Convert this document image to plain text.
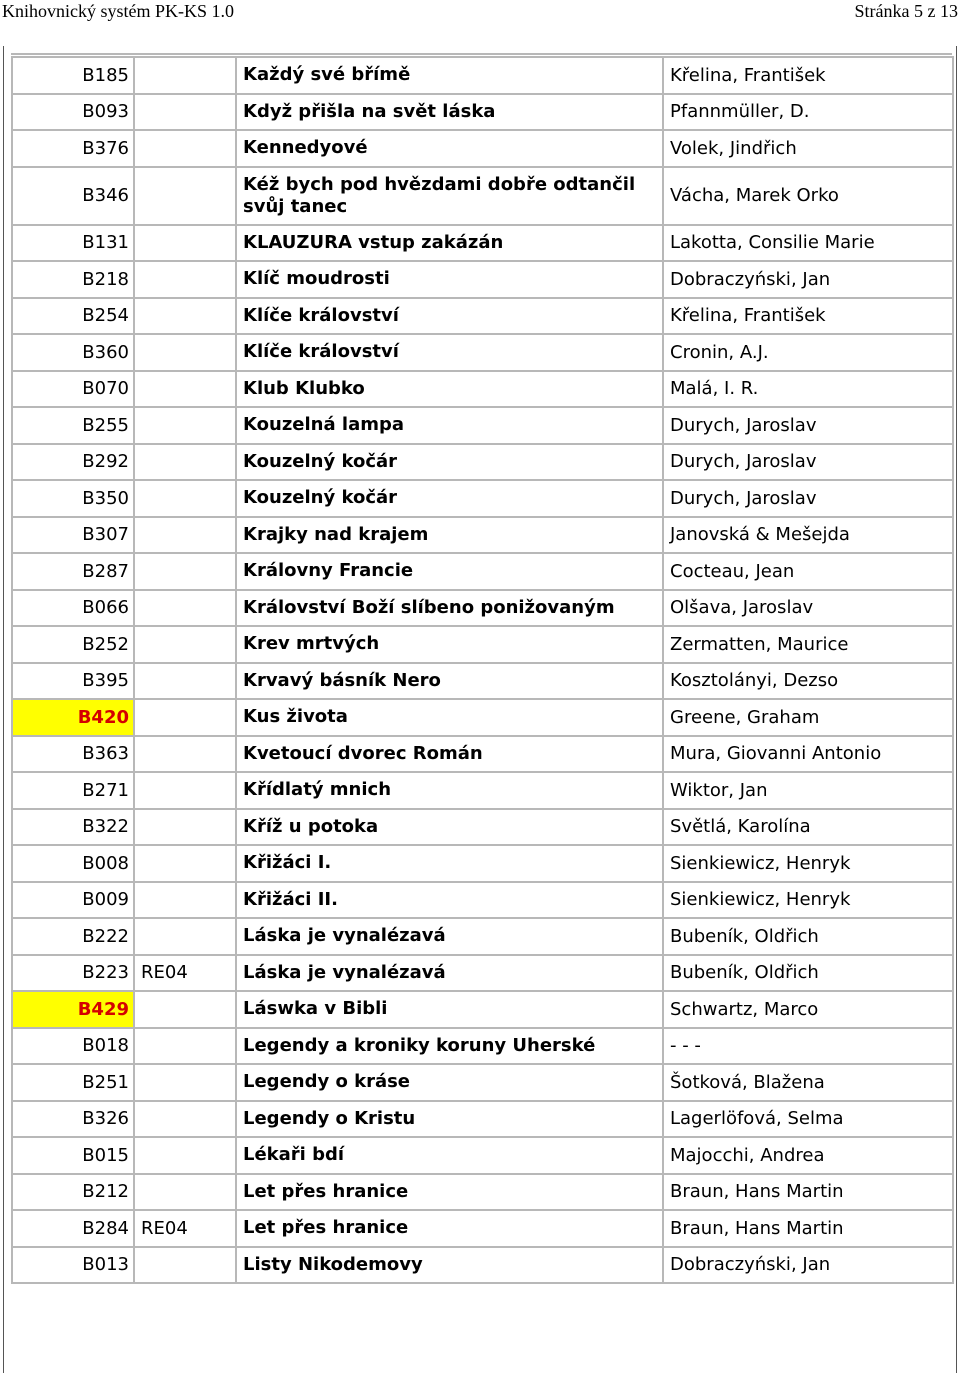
Knihovnický systém PK-KS 1.0	Stránka 5 z 13
B185		Každý své břímě	Křelina, František
B093		Když přišla na svět láska	Pfannmüller, D.
B376		Kennedyové	Volek, Jindřich
B346		Kéž bych pod hvězdami dobře odtančil svůj tanec	Vácha, Marek Orko
B131		KLAUZURA vstup zakázán	Lakotta, Consilie Marie
B218		Klíč moudrosti	Dobraczyński, Jan
B254		Klíče království	Křelina, František
B360		Klíče království	Cronin, A.J.
B070		Klub Klubko	Malá, I. R.
B255		Kouzelná lampa	Durych, Jaroslav
B292		Kouzelný kočár	Durych, Jaroslav
B350		Kouzelný kočár	Durych, Jaroslav
B307		Krajky nad krajem	Janovská & Mešejda
B287		Královny Francie	Cocteau, Jean
B066		Království Boží slíbeno ponižovaným	Olšava, Jaroslav
B252		Krev mrtvých	Zermatten, Maurice
B395		Krvavý básník Nero	Kosztolányi, Dezso
B420		Kus života	Greene, Graham
B363		Kvetoucí dvorec Román	Mura, Giovanni Antonio
B271		Křídlatý mnich	Wiktor, Jan
B322		Kříž u potoka	Světlá, Karolína
B008		Křižáci I.	Sienkiewicz, Henryk
B009		Křižáci II.	Sienkiewicz, Henryk
B222		Láska je vynalézavá	Bubeník, Oldřich
B223	RE04	Láska je vynalézavá	Bubeník, Oldřich
B429		Láswka v Bibli	Schwartz, Marco
B018		Legendy a kroniky koruny Uherské	- - -
B251		Legendy o kráse	Šotková, Blažena
B326		Legendy o Kristu	Lagerlöfová, Selma
B015		Lékaři bdí	Majocchi, Andrea
B212		Let přes hranice	Braun, Hans Martin
B284	RE04	Let přes hranice	Braun, Hans Martin
B013		Listy Nikodemovy	Dobraczyński, Jan
